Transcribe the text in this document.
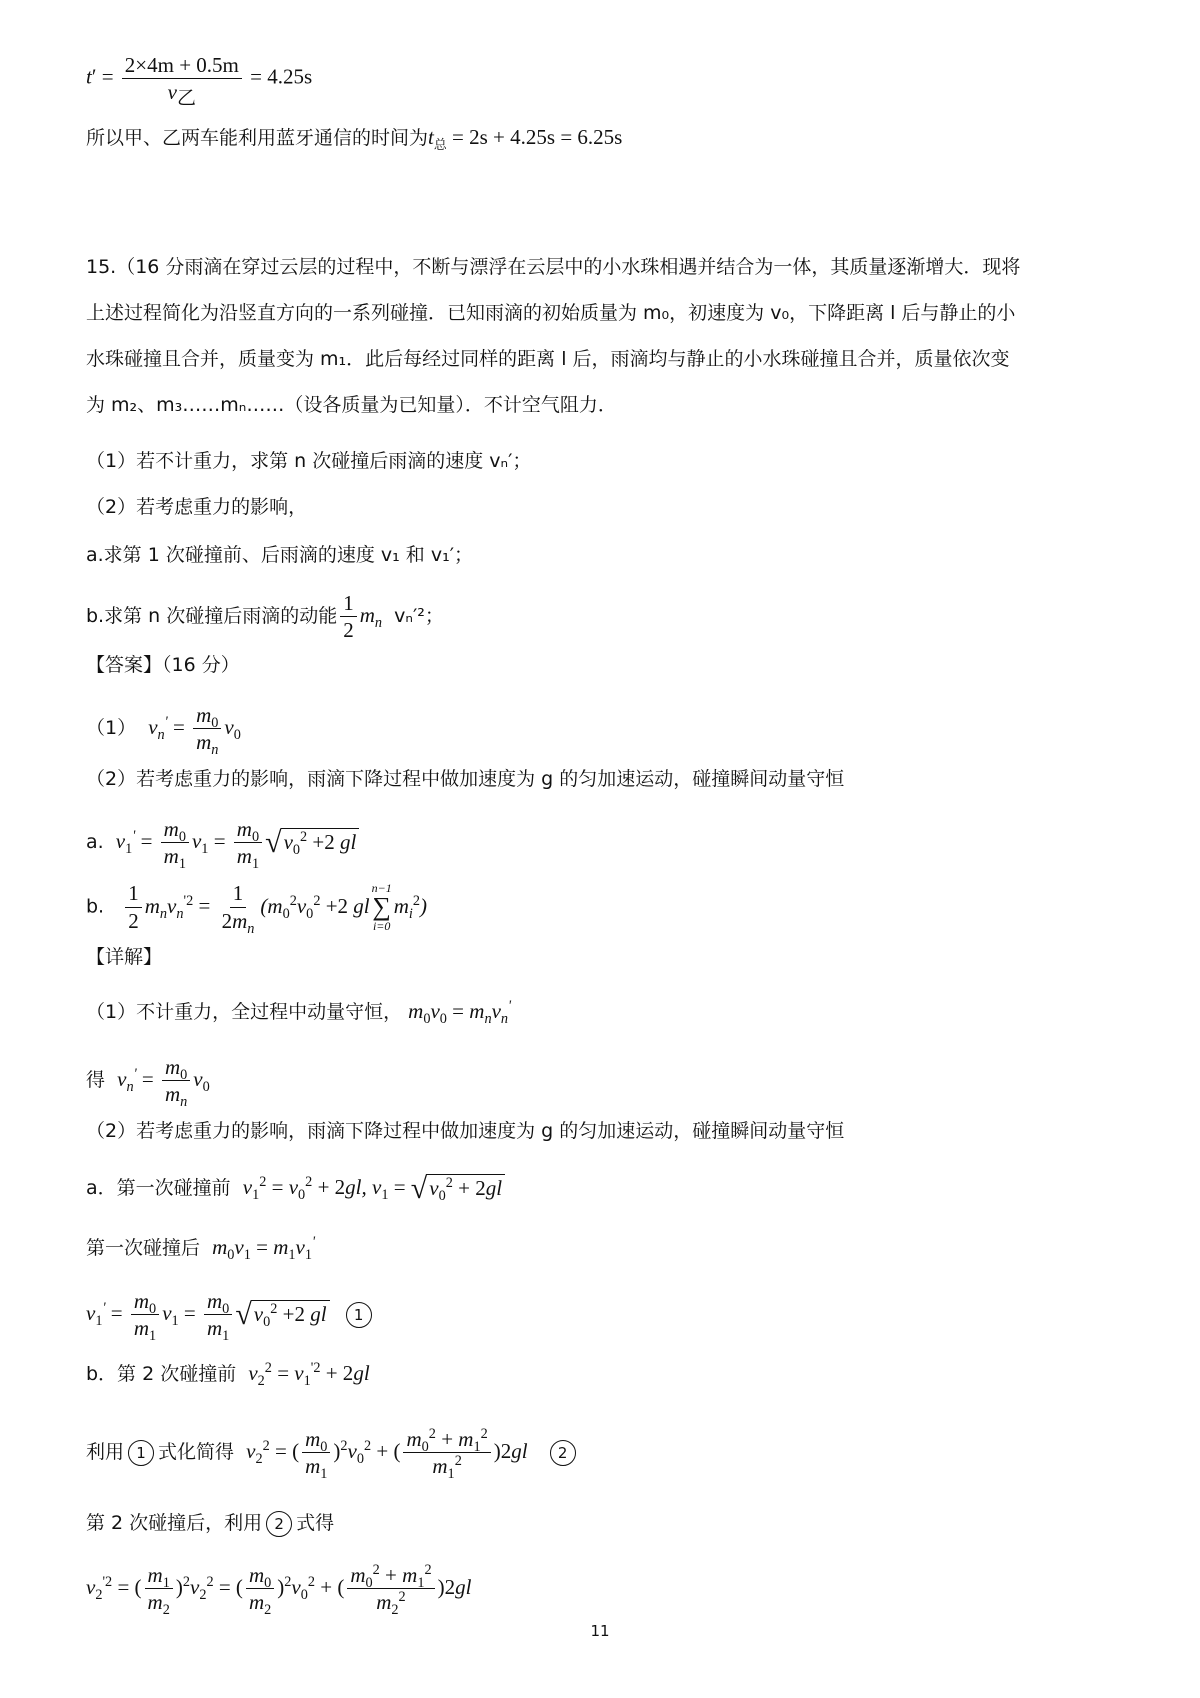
$t' = \frac{2\times 4m + 0.5m}{v_乙} = 4.25s$
所以甲、乙两车能利用蓝牙通信的时间为$t_总 = 2s + 4.25s = 6.25s$
15.（16 分雨滴在穿过云层的过程中，不断与漂浮在云层中的小水珠相遇并结合为一体，其质量逐渐增大．现将
上述过程简化为沿竖直方向的一系列碰撞．已知雨滴的初始质量为 m₀，初速度为 v₀，下降距离 l 后与静止的小
水珠碰撞且合并，质量变为 m₁．此后每经过同样的距离 l 后，雨滴均与静止的小水珠碰撞且合并，质量依次变
为 m₂、m₃……mₙ……（设各质量为已知量）．不计空气阻力．
（1）若不计重力，求第 n 次碰撞后雨滴的速度 vₙ′；
（2）若考虑重力的影响，
a.求第 1 次碰撞前、后雨滴的速度 v₁ 和 v₁′；
b.求第 n 次碰撞后雨滴的动能 $\frac{1}{2} m_n$ vₙ′²；
【答案】（16 分）
（1） $v_n' = \frac{m_0}{m_n} v_0$
（2）若考虑重力的影响，雨滴下降过程中做加速度为 g 的匀加速运动，碰撞瞬间动量守恒
a. $v_1' = \frac{m_0}{m_1} v_1 = \frac{m_0}{m_1}$ √ $v_0^2 +2$ gl
b. $\frac{1}{2} m_nv_n^{'2} = \frac{1}{2m_n} (m_0^2v_0^2 +2$ gl
n−1
∑
i=0
$m_i^2$)
【详解】
（1）不计重力，全过程中动量守恒， $m_0v_0 = m_nv_n'$
得 $v_n' = \frac{m_0}{m_n} v_0$
（2）若考虑重力的影响，雨滴下降过程中做加速度为 g 的匀加速运动，碰撞瞬间动量守恒
a．第一次碰撞前 $v_1^2 = v_0^2 + 2gl$, $v_1$ = √ $v_0^2 + 2gl$
第一次碰撞后 $m_0v_1 = m_1v_1'$
$v_1' = \frac{m_0}{m_1} v_1 = \frac{m_0}{m_1}$ √ $v_0^2 +2$ gl 1
b．第 2 次碰撞前 $v_2^2 = v_1^{'2} + 2gl$
利用 1 式化简得 $v_2^2$ = ( $\frac{m_0}{m_1} )^2v_0^2$ + ( $\frac{m_0^2 + m_1^2}{m_1^2} )2gl$ 2
第 2 次碰撞后，利用 2 式得
$v_2^{'2}$ = ( $\frac{m_1}{m_2} )^2v_2^2$ = ( $\frac{m_0}{m_2} )^2v_0^2$ + ( $\frac{m_0^2 + m_1^2}{m_2^2} )2gl$
11
